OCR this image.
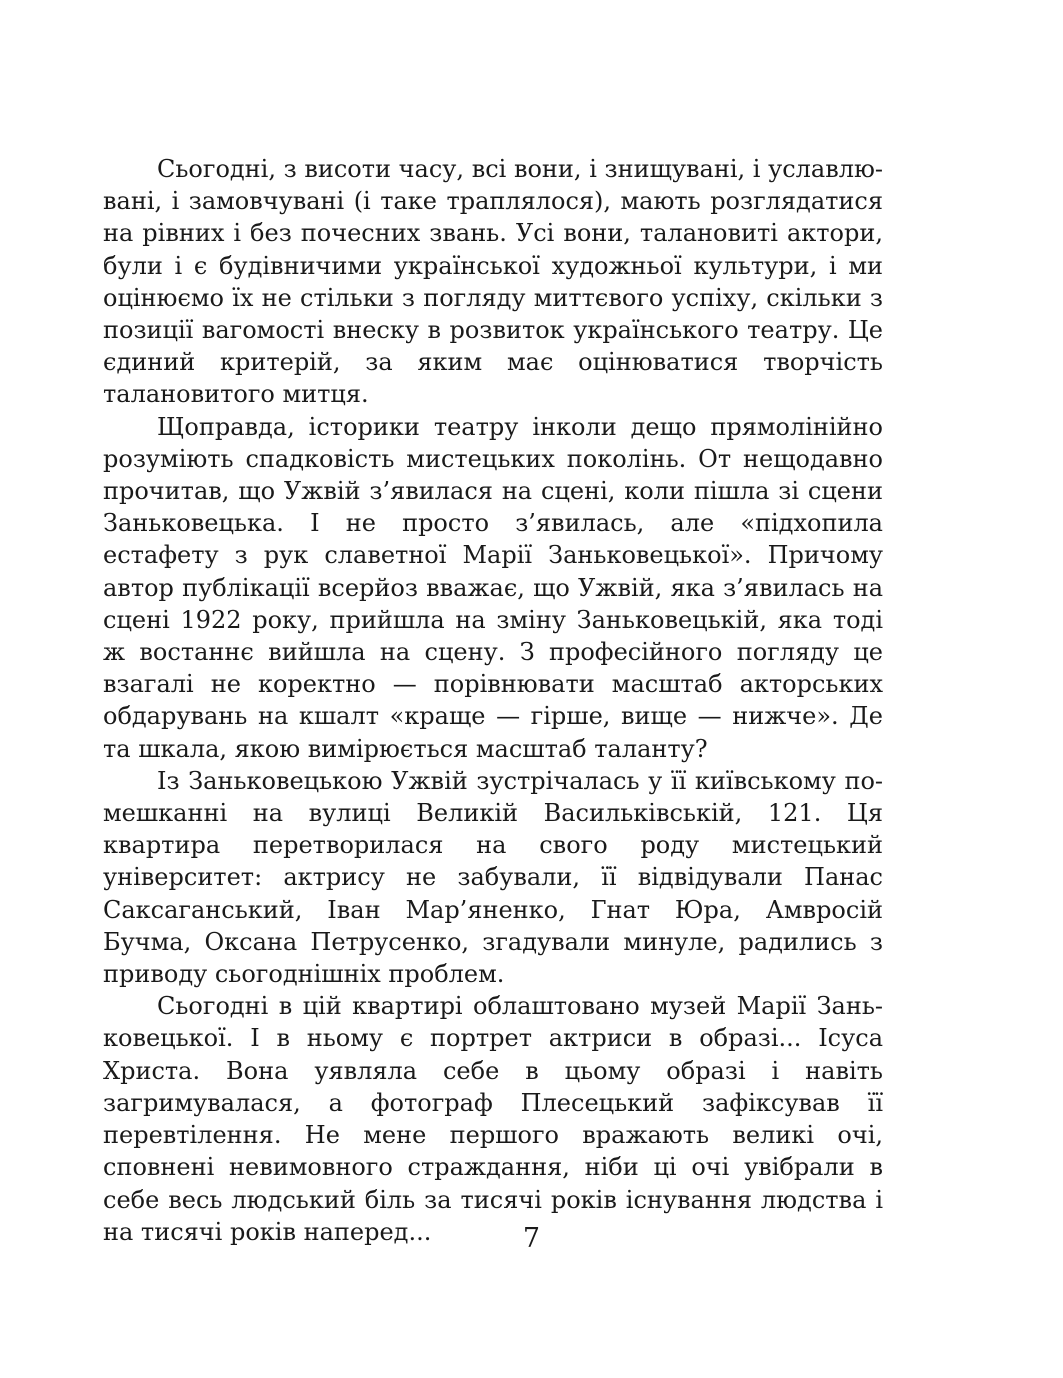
Сьогодні, з висоти часу, всі вони, і знищувані, і уславлювані, і замовчувані (і таке траплялося), мають розглядатися на рівних і без почесних звань. Усі вони, талановиті актори, були і є будівничими української художньої культури, і ми оцінюємо їх не стільки з погляду миттєвого успіху, скільки з позиції вагомості внеску в розвиток українського театру. Це єдиний критерій, за яким має оцінюватися творчість талановитого митця.

Щоправда, історики театру інколи дещо прямолінійно розуміють спадковість мистецьких поколінь. От нещодавно прочитав, що Ужвій з’явилася на сцені, коли пішла зі сцени Заньковецька. І не просто з’явилась, але «підхопила естафету з рук славетної Марії Заньковецької». Причому автор публікації всерйоз вважає, що Ужвій, яка з’явилась на сцені 1922 року, прийшла на зміну Заньковецькій, яка тоді ж востаннє вийшла на сцену. З професійного погляду це взагалі не коректно — порівнювати масштаб акторських обдарувань на кшалт «краще — гірше, вище — нижче». Де та шкала, якою вимірюється масштаб таланту?

Із Заньковецькою Ужвій зустрічалась у її київському помешканні на вулиці Великій Васильківській, 121. Ця квартира перетворилася на свого роду мистецький університет: актрису не забували, її відвідували Панас Саксаганський, Іван Мар’яненко, Гнат Юра, Амвросій Бучма, Оксана Петрусенко, згадували минуле, радились з приводу сьогоднішніх проблем.

Сьогодні в цій квартирі облаштовано музей Марії Заньковецької. І в ньому є портрет актриси в образі... Ісуса Христа. Вона уявляла себе в цьому образі і навіть загримувалася, а фотограф Плесецький зафіксував її перевтілення. Не мене першого вражають великі очі, сповнені невимовного страждання, ніби ці очі увібрали в себе весь людський біль за тисячі років існування людства і на тисячі років наперед...	7
